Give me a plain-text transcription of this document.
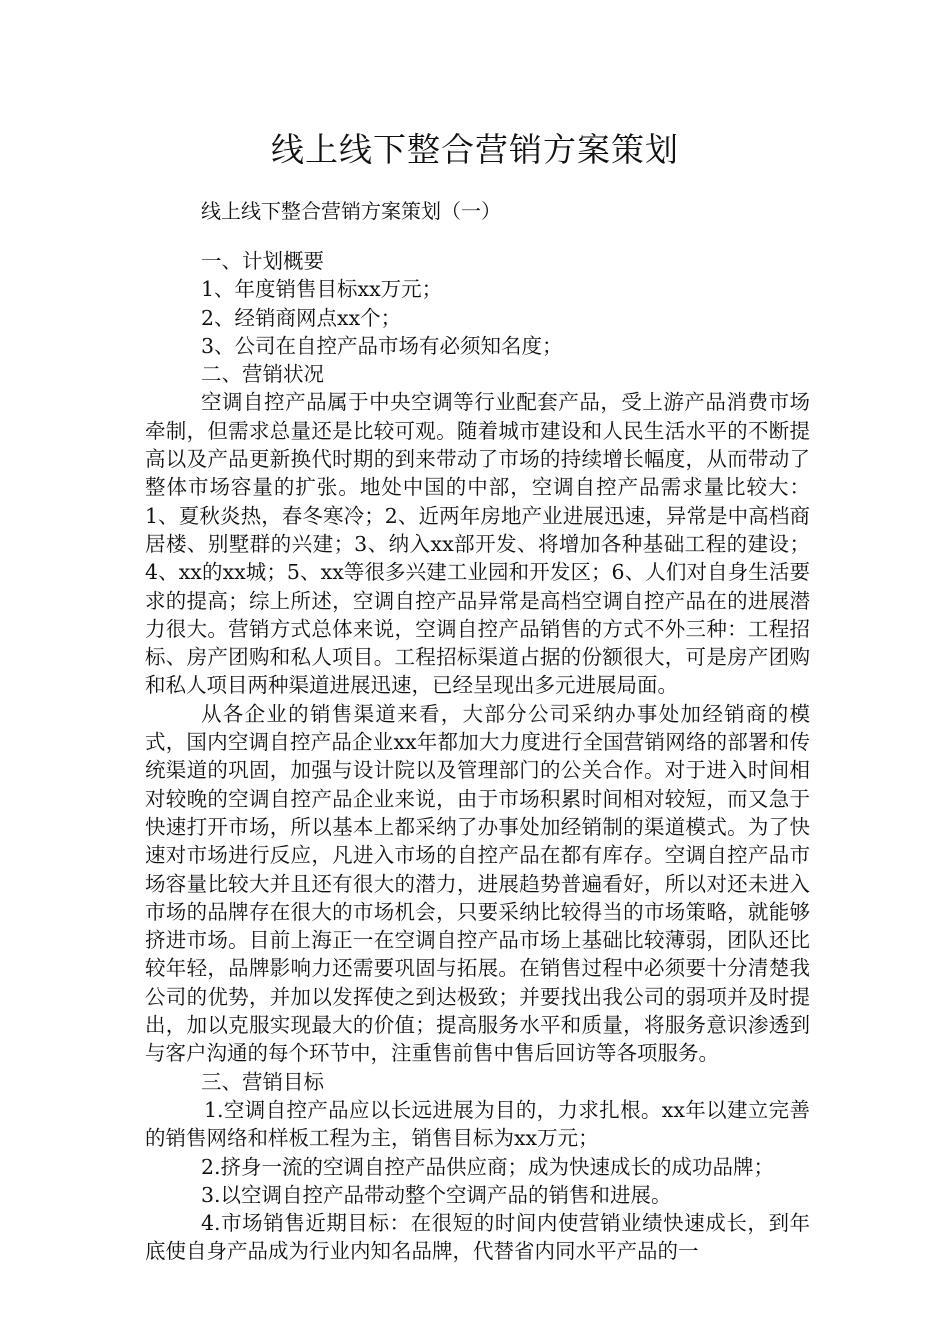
线上线下整合营销方案策划
线上线下整合营销方案策划（一）

一、计划概要

1、年度销售目标xx万元；

2、经销商网点xx个；

3、公司在自控产品市场有必须知名度；

二、营销状况

空调自控产品属于中央空调等行业配套产品，受上游产品消费市场牵制，但需求总量还是比较可观。随着城市建设和人民生活水平的不断提高以及产品更新换代时期的到来带动了市场的持续增长幅度，从而带动了整体市场容量的扩张。地处中国的中部，空调自控产品需求量比较大：1、夏秋炎热，春冬寒冷；2、近两年房地产业进展迅速，异常是中高档商居楼、别墅群的兴建；3、纳入xx部开发、将增加各种基础工程的建设；4、xx的xx城；5、xx等很多兴建工业园和开发区；6、人们对自身生活要求的提高；综上所述，空调自控产品异常是高档空调自控产品在的进展潜力很大。营销方式总体来说，空调自控产品销售的方式不外三种：工程招标、房产团购和私人项目。工程招标渠道占据的份额很大，可是房产团购和私人项目两种渠道进展迅速，已经呈现出多元进展局面。

从各企业的销售渠道来看，大部分公司采纳办事处加经销商的模式，国内空调自控产品企业xx年都加大力度进行全国营销网络的部署和传统渠道的巩固，加强与设计院以及管理部门的公关合作。对于进入时间相对较晚的空调自控产品企业来说，由于市场积累时间相对较短，而又急于快速打开市场，所以基本上都采纳了办事处加经销制的渠道模式。为了快速对市场进行反应，凡进入市场的自控产品在都有库存。空调自控产品市场容量比较大并且还有很大的潜力，进展趋势普遍看好，所以对还未进入市场的品牌存在很大的市场机会，只要采纳比较得当的市场策略，就能够挤进市场。目前上海正一在空调自控产品市场上基础比较薄弱，团队还比较年轻，品牌影响力还需要巩固与拓展。在销售过程中必须要十分清楚我公司的优势，并加以发挥使之到达极致；并要找出我公司的弱项并及时提出，加以克服实现最大的价值；提高服务水平和质量，将服务意识渗透到与客户沟通的每个环节中，注重售前售中售后回访等各项服务。

三、营销目标

1.空调自控产品应以长远进展为目的，力求扎根。xx年以建立完善的销售网络和样板工程为主，销售目标为xx万元；

2.挤身一流的空调自控产品供应商；成为快速成长的成功品牌；

3.以空调自控产品带动整个空调产品的销售和进展。

4.市场销售近期目标：在很短的时间内使营销业绩快速成长，到年底使自身产品成为行业内知名品牌，代替省内同水平产品的一
